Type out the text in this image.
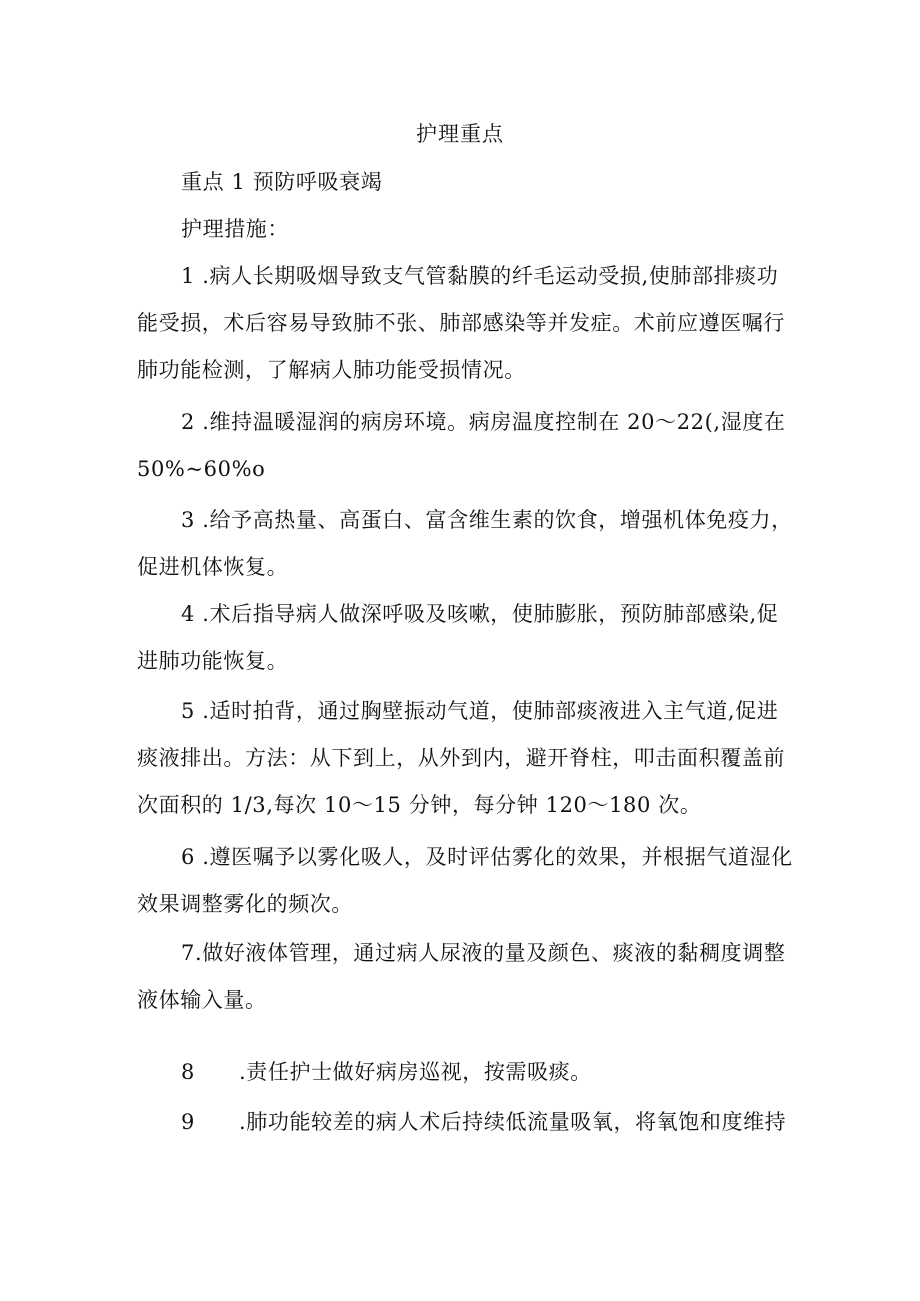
护理重点
重点 1 预防呼吸衰竭
护理措施：
1 .病人长期吸烟导致支气管黏膜的纤毛运动受损,使肺部排痰功
能受损，术后容易导致肺不张、肺部感染等并发症。术前应遵医嘱行
肺功能检测，了解病人肺功能受损情况。
2 .维持温暖湿润的病房环境。病房温度控制在 20～22(,湿度在
50%~60%o
3 .给予高热量、高蛋白、富含维生素的饮食，增强机体免疫力，
促进机体恢复。
4 .术后指导病人做深呼吸及咳嗽，使肺膨胀，预防肺部感染,促
进肺功能恢复。
5 .适时拍背，通过胸壁振动气道，使肺部痰液进入主气道,促进
痰液排出。方法：从下到上，从外到内，避开脊柱，叩击面积覆盖前
次面积的 1/3,每次 10～15 分钟，每分钟 120～180 次。
6 .遵医嘱予以雾化吸人，及时评估雾化的效果，并根据气道湿化
效果调整雾化的频次。
7.做好液体管理，通过病人尿液的量及颜色、痰液的黏稠度调整
液体输入量。
8 .责任护士做好病房巡视，按需吸痰。
9 .肺功能较差的病人术后持续低流量吸氧，将氧饱和度维持
